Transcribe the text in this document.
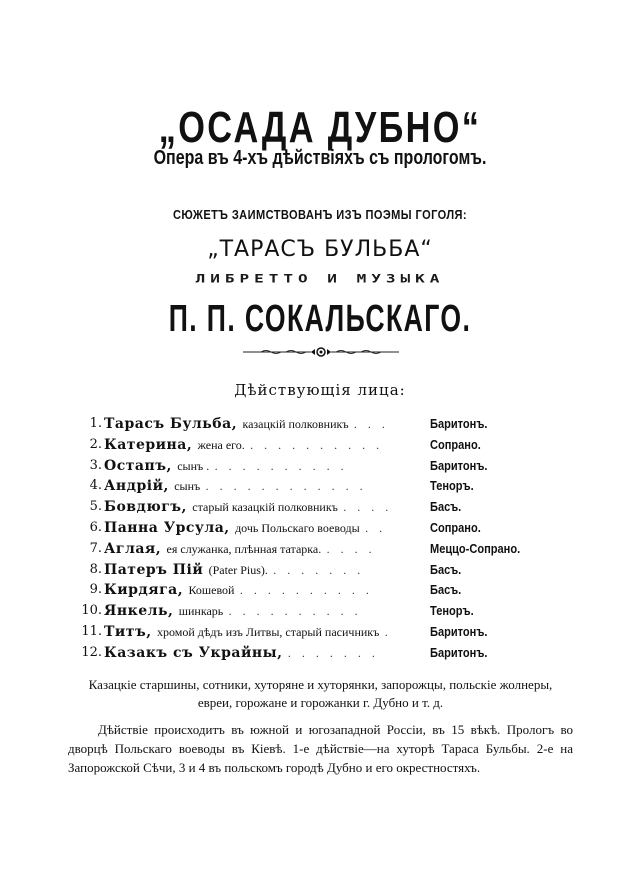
„ОСАДА ДУБНО“
Опера въ 4-хъ дѣйствiяхъ съ прологомъ.
СЮЖЕТЪ ЗАИМСТВОВАНЪ ИЗЪ ПОЭМЫ ГОГОЛЯ:
„ТАРАСЪ БУЛЬБА“
ЛИБРЕТТО И МУЗЫКА
П. П. СОКАЛЬСКАГО.
Дѣйствующiя лица:
1. Тарасъ Бульба, казацкiй полковникъ . . .	Баритонъ.
2. Катерина, жена его. . . . . . . . . . .	Сопрано.
3. Остапъ, сынъ . . . . . . . . . . .	Баритонъ.
4. Андрiй, сынъ . . . . . . . . . . . .	Теноръ.
5. Бовдюгъ, старый казацкiй полковникъ . . . .	Басъ.
6. Панна Урсула, дочь Польскаго воеводы . .	Сопрано.
7. Аглая, ея служанка, плѣнная татарка. . . . .	Меццо-Сопрано.
8. Патеръ Пiй (Pater Pius). . . . . . . .	Басъ.
9. Кирдяга, Кошевой . . . . . . . . . .	Басъ.
10. Янкель, шинкарь . . . . . . . . . .	Теноръ.
11. Титъ, хромой дѣдъ изъ Литвы, старый пасичникъ .	Баритонъ.
12. Казакъ съ Украйны, . . . . . . .	Баритонъ.
Казацкiе старшины, сотники, хуторяне и хуторянки, запорожцы, польскiе жолнеры,
евреи, горожане и горожанки г. Дубно и т. д.
Дѣйствiе происходитъ въ южной и югозападной Россiи, въ 15 вѣкѣ. Прологъ во дворцѣ Польскаго воеводы въ Кiевѣ. 1-е дѣйствiе—на хуторѣ Тараса Бульбы. 2-е на Запорожской Сѣчи, 3 и 4 въ польскомъ городѣ Дубно и его окрестностяхъ.
